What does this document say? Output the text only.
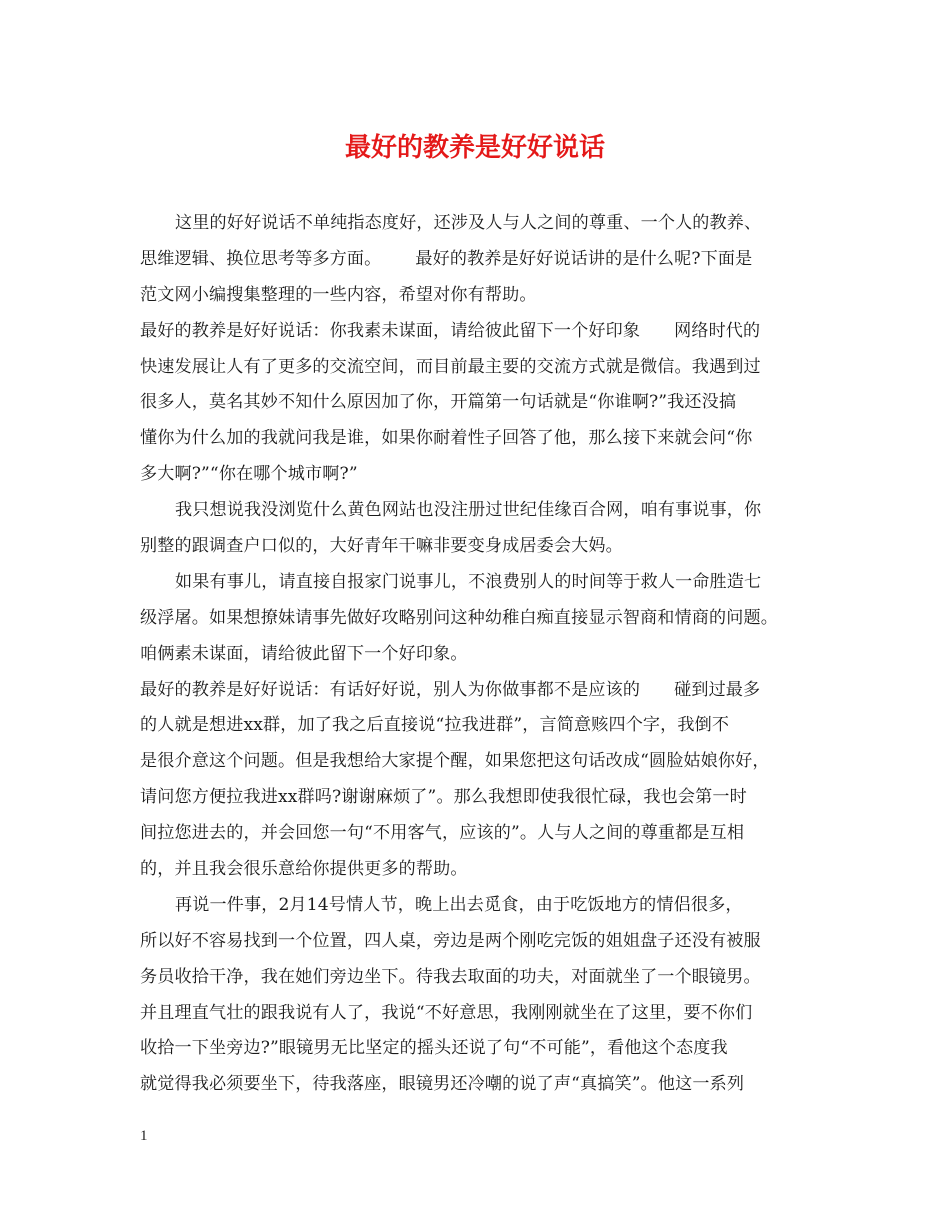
最好的教养是好好说话
这里的好好说话不单纯指态度好，还涉及人与人之间的尊重、一个人的教养、
思维逻辑、换位思考等多方面。 最好的教养是好好说话讲的是什么呢?下面是
范文网小编搜集整理的一些内容，希望对你有帮助。
最好的教养是好好说话：你我素未谋面，请给彼此留下一个好印象 网络时代的
快速发展让人有了更多的交流空间，而目前最主要的交流方式就是微信。我遇到过
很多人，莫名其妙不知什么原因加了你，开篇第一句话就是“你谁啊?”我还没搞
懂你为什么加的我就问我是谁，如果你耐着性子回答了他，那么接下来就会问“你
多大啊?”“你在哪个城市啊?”
我只想说我没浏览什么黄色网站也没注册过世纪佳缘百合网，咱有事说事，你
别整的跟调查户口似的，大好青年干嘛非要变身成居委会大妈。
如果有事儿，请直接自报家门说事儿，不浪费别人的时间等于救人一命胜造七
级浮屠。如果想撩妹请事先做好攻略别问这种幼稚白痴直接显示智商和情商的问题。
咱俩素未谋面，请给彼此留下一个好印象。
最好的教养是好好说话：有话好好说，别人为你做事都不是应该的 碰到过最多
的人就是想进xx群，加了我之后直接说“拉我进群”，言简意赅四个字，我倒不
是很介意这个问题。但是我想给大家提个醒，如果您把这句话改成“圆脸姑娘你好，
请问您方便拉我进xx群吗?谢谢麻烦了”。那么我想即使我很忙碌，我也会第一时
间拉您进去的，并会回您一句“不用客气，应该的”。人与人之间的尊重都是互相
的，并且我会很乐意给你提供更多的帮助。
再说一件事，2月14号情人节，晚上出去觅食，由于吃饭地方的情侣很多，
所以好不容易找到一个位置，四人桌，旁边是两个刚吃完饭的姐姐盘子还没有被服
务员收拾干净，我在她们旁边坐下。待我去取面的功夫，对面就坐了一个眼镜男。
并且理直气壮的跟我说有人了，我说“不好意思，我刚刚就坐在了这里，要不你们
收拾一下坐旁边?”眼镜男无比坚定的摇头还说了句“不可能”，看他这个态度我
就觉得我必须要坐下，待我落座，眼镜男还冷嘲的说了声“真搞笑”。他这一系列
1
